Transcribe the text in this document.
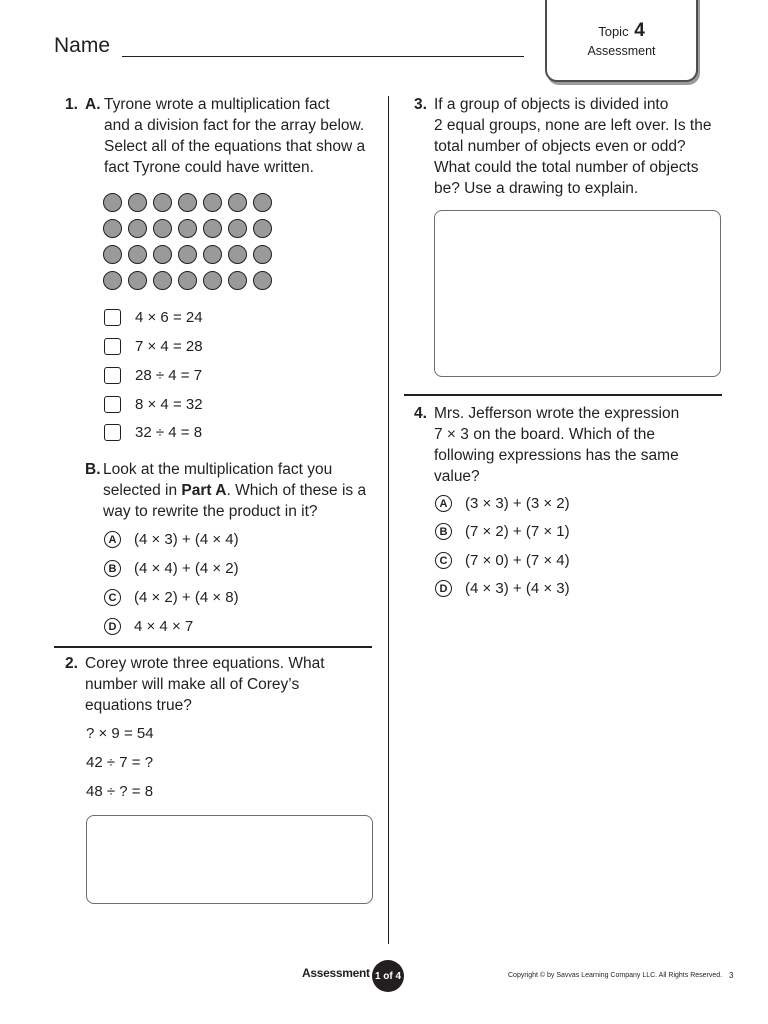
Name
Topic 4
Assessment
1. A. Tyrone wrote a multiplication fact
and a division fact for the array below.
Select all of the equations that show a
fact Tyrone could have written.
4 × 6 = 24
7 × 4 = 28
28 ÷ 4 = 7
8 × 4 = 32
32 ÷ 4 = 8
B. Look at the multiplication fact you
selected in Part A. Which of these is a
way to rewrite the product in it?
A	(4 × 3) + (4 × 4)
B	(4 × 4) + (4 × 2)
C	(4 × 2) + (4 × 8)
D	4 × 4 × 7
2. Corey wrote three equations. What
number will make all of Corey’s
equations true?
? × 9 = 54
42 ÷ 7 = ?
48 ÷ ? = 8
3. If a group of objects is divided into
2 equal groups, none are left over. Is the
total number of objects even or odd?
What could the total number of objects
be? Use a drawing to explain.
4. Mrs. Jefferson wrote the expression
7 × 3 on the board. Which of the
following expressions has the same
value?
A	(3 × 3) + (3 × 2)
B	(7 × 2) + (7 × 1)
C	(7 × 0) + (7 × 4)
D	(4 × 3) + (4 × 3)
Assessment 1 of 4	Copyright © by Savvas Learning Company LLC. All Rights Reserved. 3
